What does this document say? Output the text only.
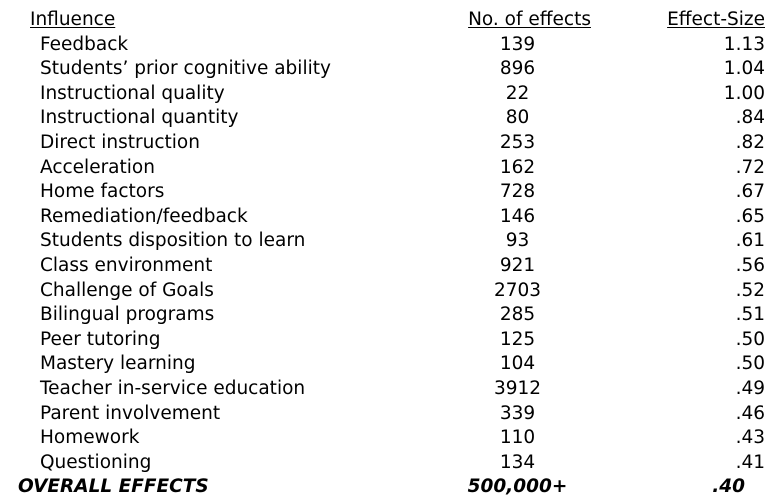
Influence	No. of effects	Effect-Size
Feedback	139	1.13
Students’ prior cognitive ability	896	1.04
Instructional quality	22	1.00
Instructional quantity	80	.84
Direct instruction	253	.82
Acceleration	162	.72
Home factors	728	.67
Remediation/feedback	146	.65
Students disposition to learn	93	.61
Class environment	921	.56
Challenge of Goals	2703	.52
Bilingual programs	285	.51
Peer tutoring	125	.50
Mastery learning	104	.50
Teacher in-service education	3912	.49
Parent involvement	339	.46
Homework	110	.43
Questioning	134	.41
OVERALL EFFECTS	500,000+	.40
